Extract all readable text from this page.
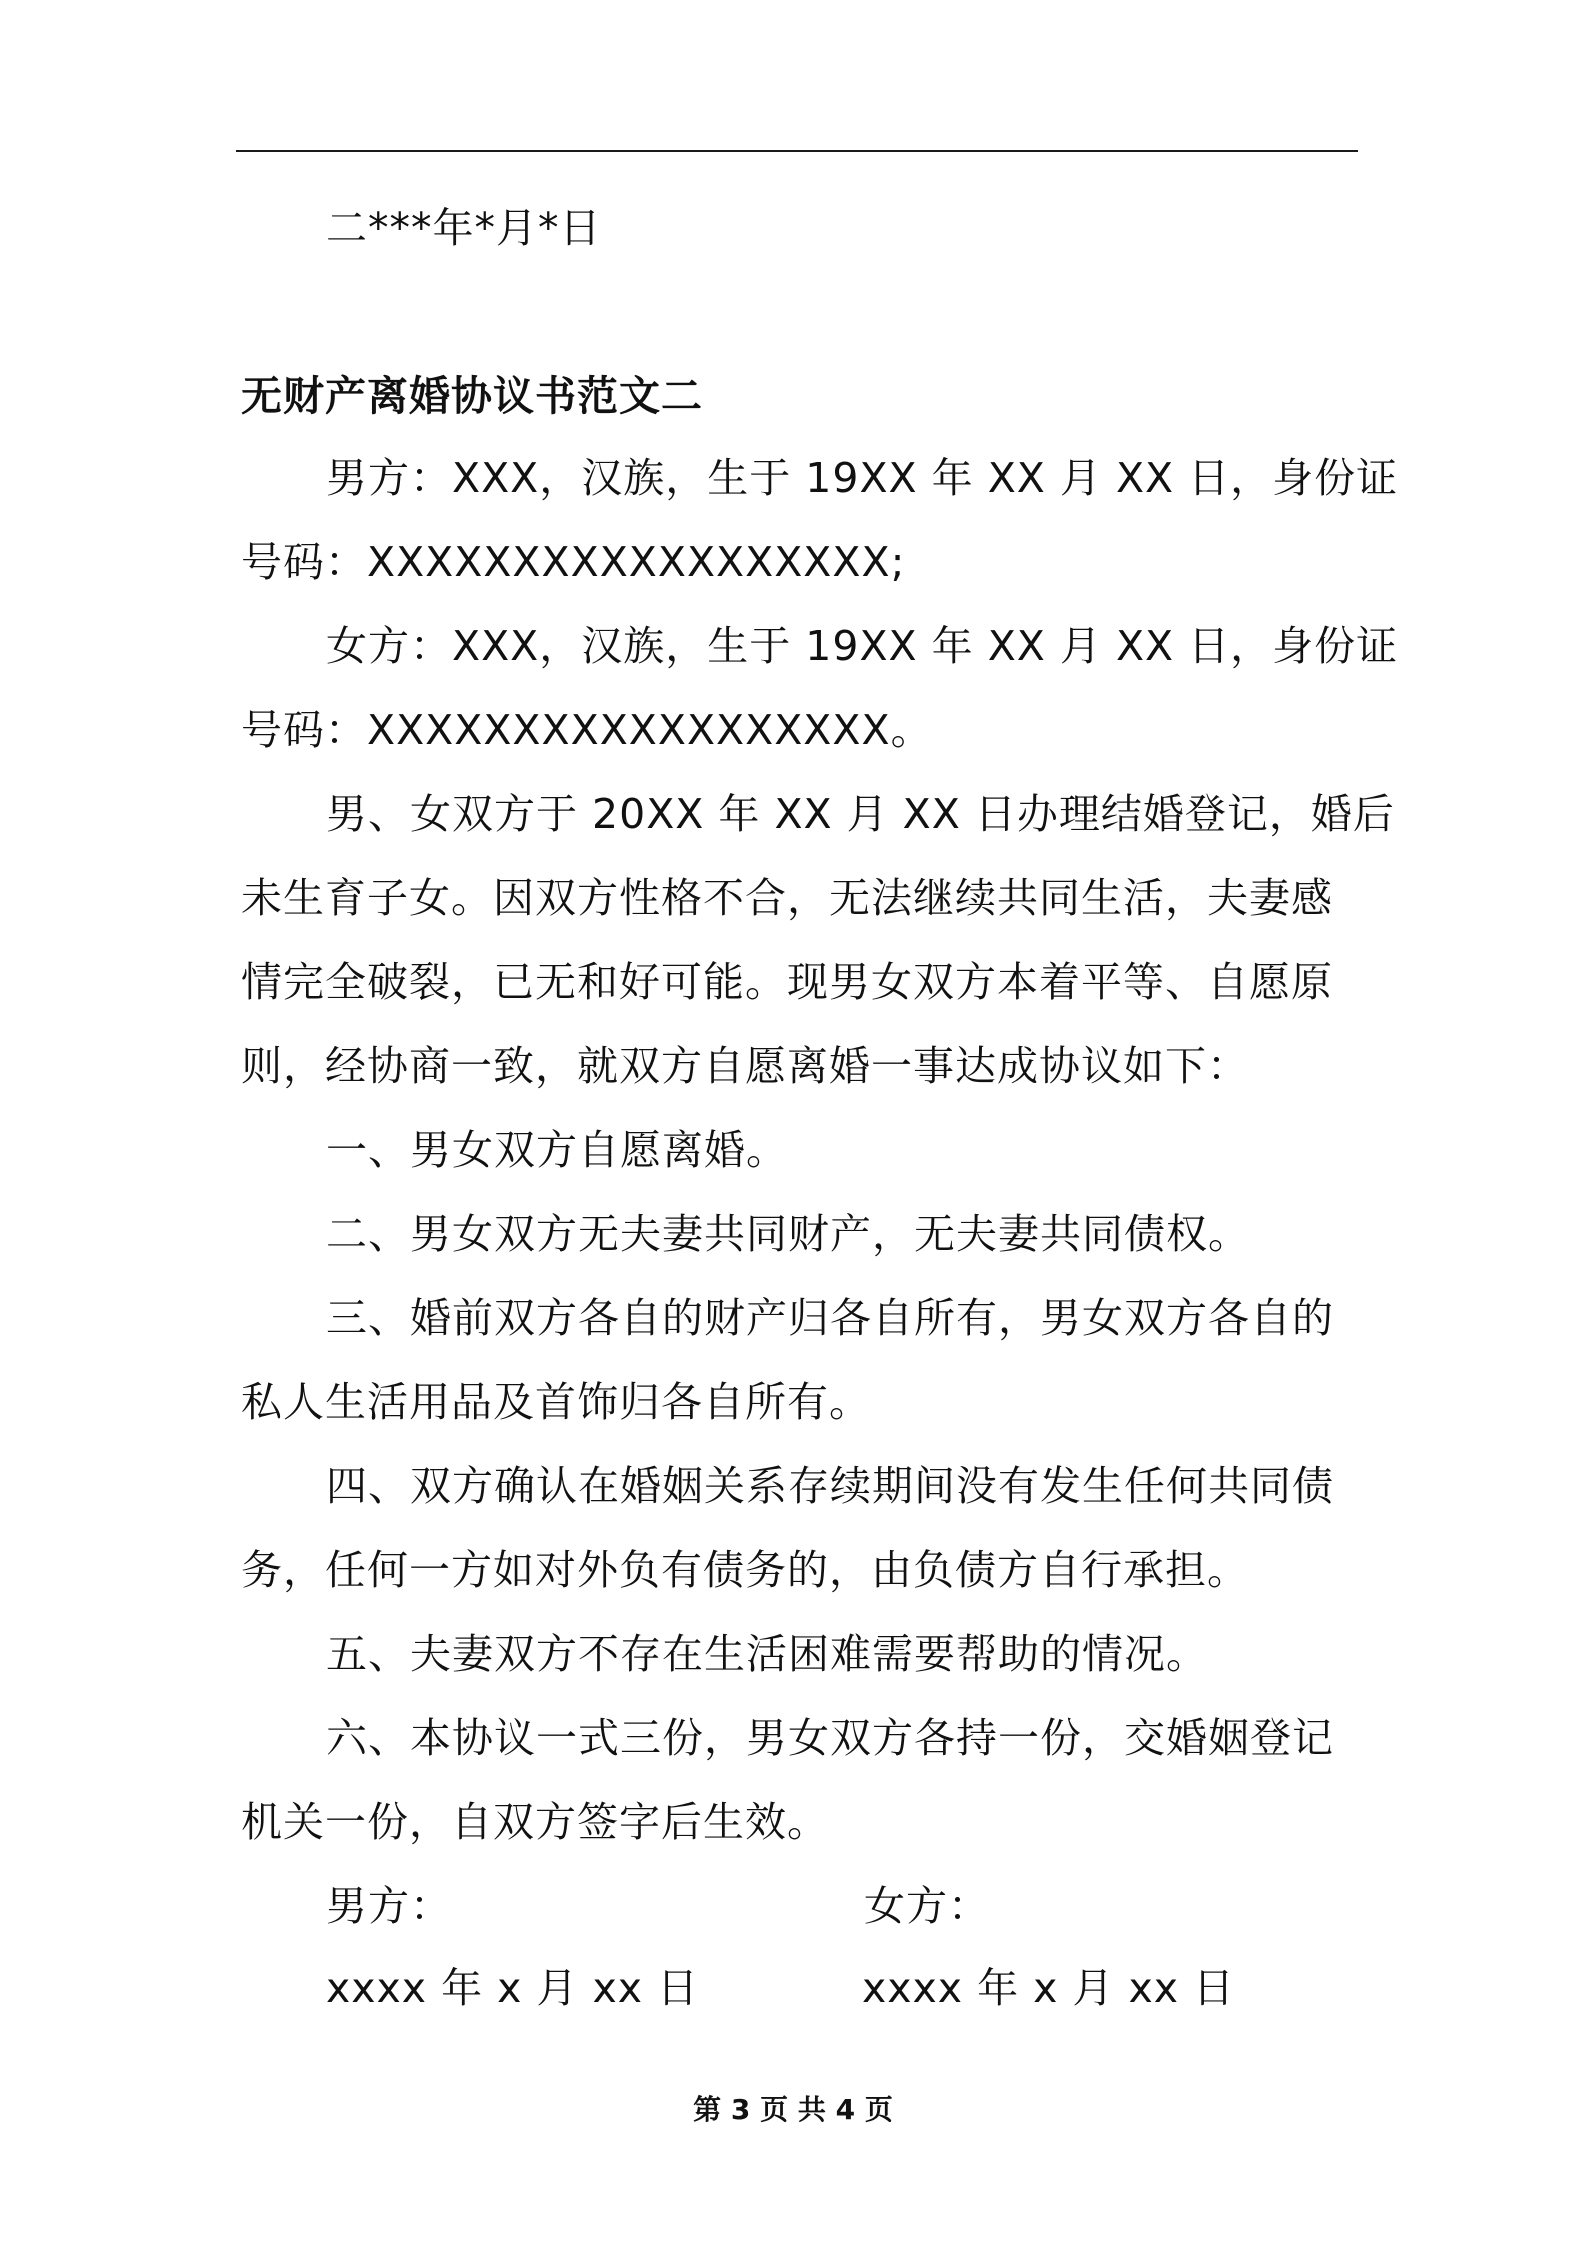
二***年*月*日
无财产离婚协议书范文二
男方：XXX，汉族，生于 19XX 年 XX 月 XX 日，身份证
号码：XXXXXXXXXXXXXXXXXX;
女方：XXX，汉族，生于 19XX 年 XX 月 XX 日，身份证
号码：XXXXXXXXXXXXXXXXXX。
男、女双方于 20XX 年 XX 月 XX 日办理结婚登记，婚后
未生育子女。因双方性格不合，无法继续共同生活，夫妻感
情完全破裂，已无和好可能。现男女双方本着平等、自愿原
则，经协商一致，就双方自愿离婚一事达成协议如下：
一、男女双方自愿离婚。
二、男女双方无夫妻共同财产，无夫妻共同债权。
三、婚前双方各自的财产归各自所有，男女双方各自的
私人生活用品及首饰归各自所有。
四、双方确认在婚姻关系存续期间没有发生任何共同债
务，任何一方如对外负有债务的，由负债方自行承担。
五、夫妻双方不存在生活困难需要帮助的情况。
六、本协议一式三份，男女双方各持一份，交婚姻登记
机关一份，自双方签字后生效。
男方：	女方：
xxxx 年 x 月 xx 日	xxxx 年 x 月 xx 日
第 3 页 共 4 页
